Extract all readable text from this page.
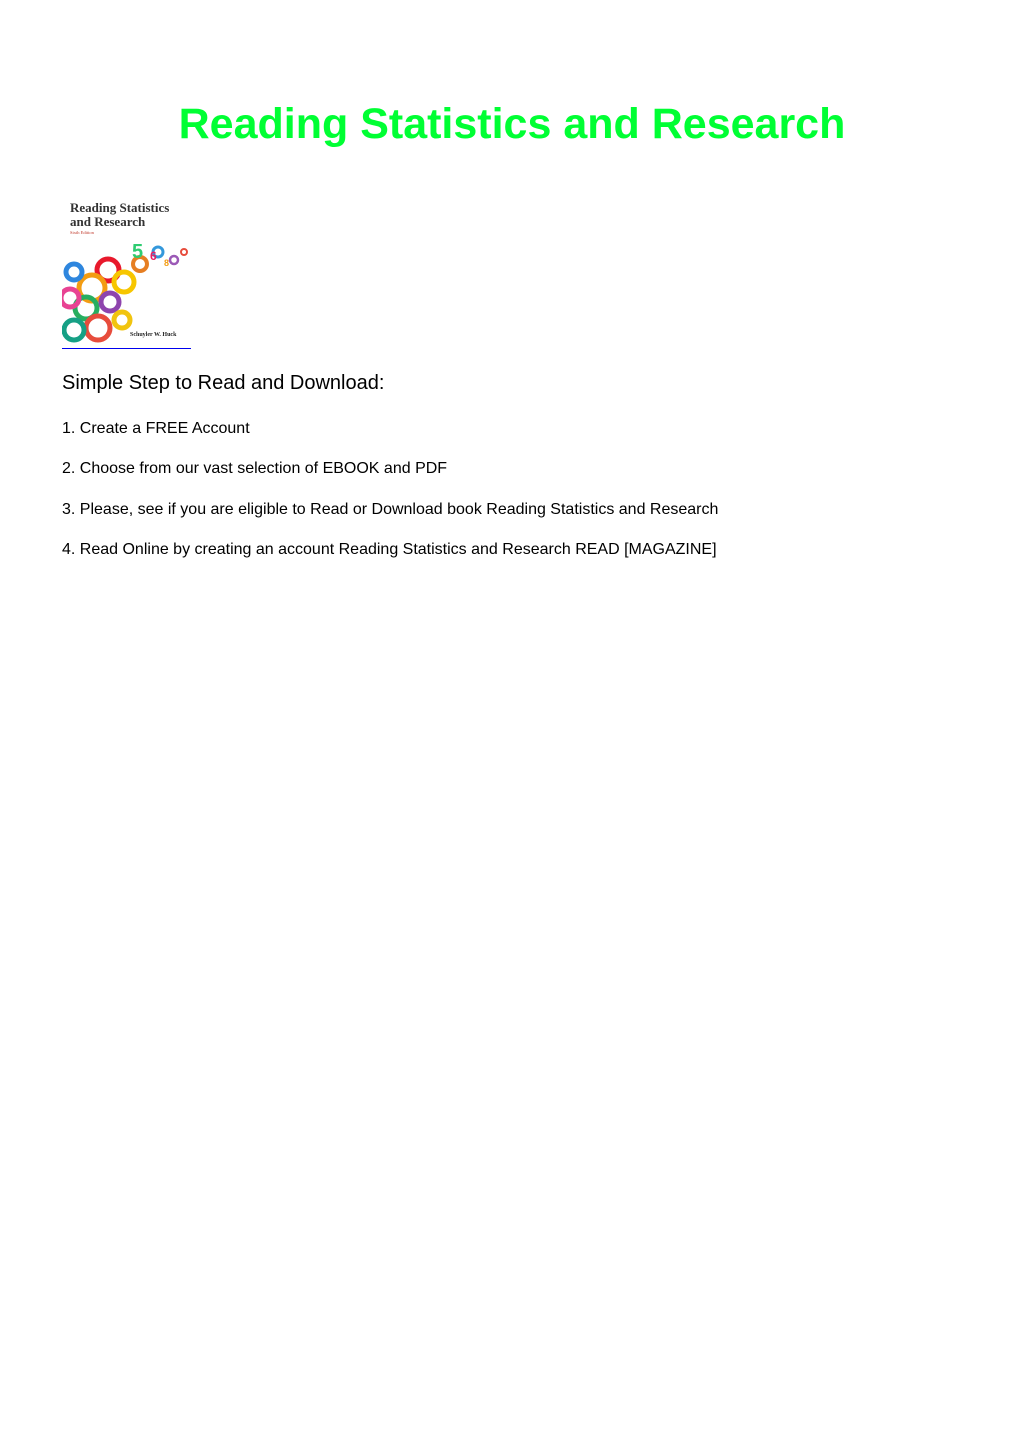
Reading Statistics and Research
Reading Statistics
and Research
Sixth Edition
5 6 8
Schuyler W. Huck
Simple Step to Read and Download:

1. Create a FREE Account

2. Choose from our vast selection of EBOOK and PDF

3. Please, see if you are eligible to Read or Download book Reading Statistics and Research

4. Read Online by creating an account Reading Statistics and Research READ [MAGAZINE]
